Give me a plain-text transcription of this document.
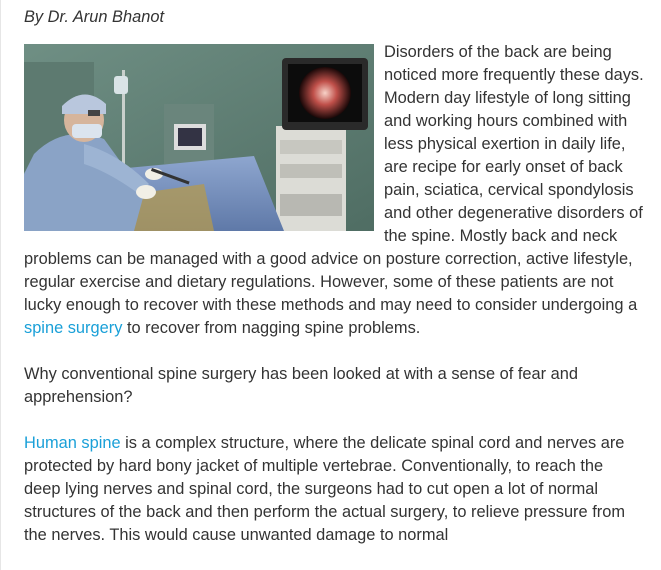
By Dr. Arun Bhanot

Disorders of the back are being noticed more frequently these days. Modern day lifestyle of long sitting and working hours combined with less physical exertion in daily life, are recipe for early onset of back pain, sciatica, cervical spondylosis and other degenerative disorders of the spine. Mostly back and neck problems can be managed with a good advice on posture correction, active lifestyle, regular exercise and dietary regulations. However, some of these patients are not lucky enough to recover with these methods and may need to consider undergoing a spine surgery to recover from nagging spine problems.

Why conventional spine surgery has been looked at with a sense of fear and apprehension?

Human spine is a complex structure, where the delicate spinal cord and nerves are protected by hard bony jacket of multiple vertebrae. Conventionally, to reach the deep lying nerves and spinal cord, the surgeons had to cut open a lot of normal structures of the back and then perform the actual surgery, to relieve pressure from the nerves. This would cause unwanted damage to normal
